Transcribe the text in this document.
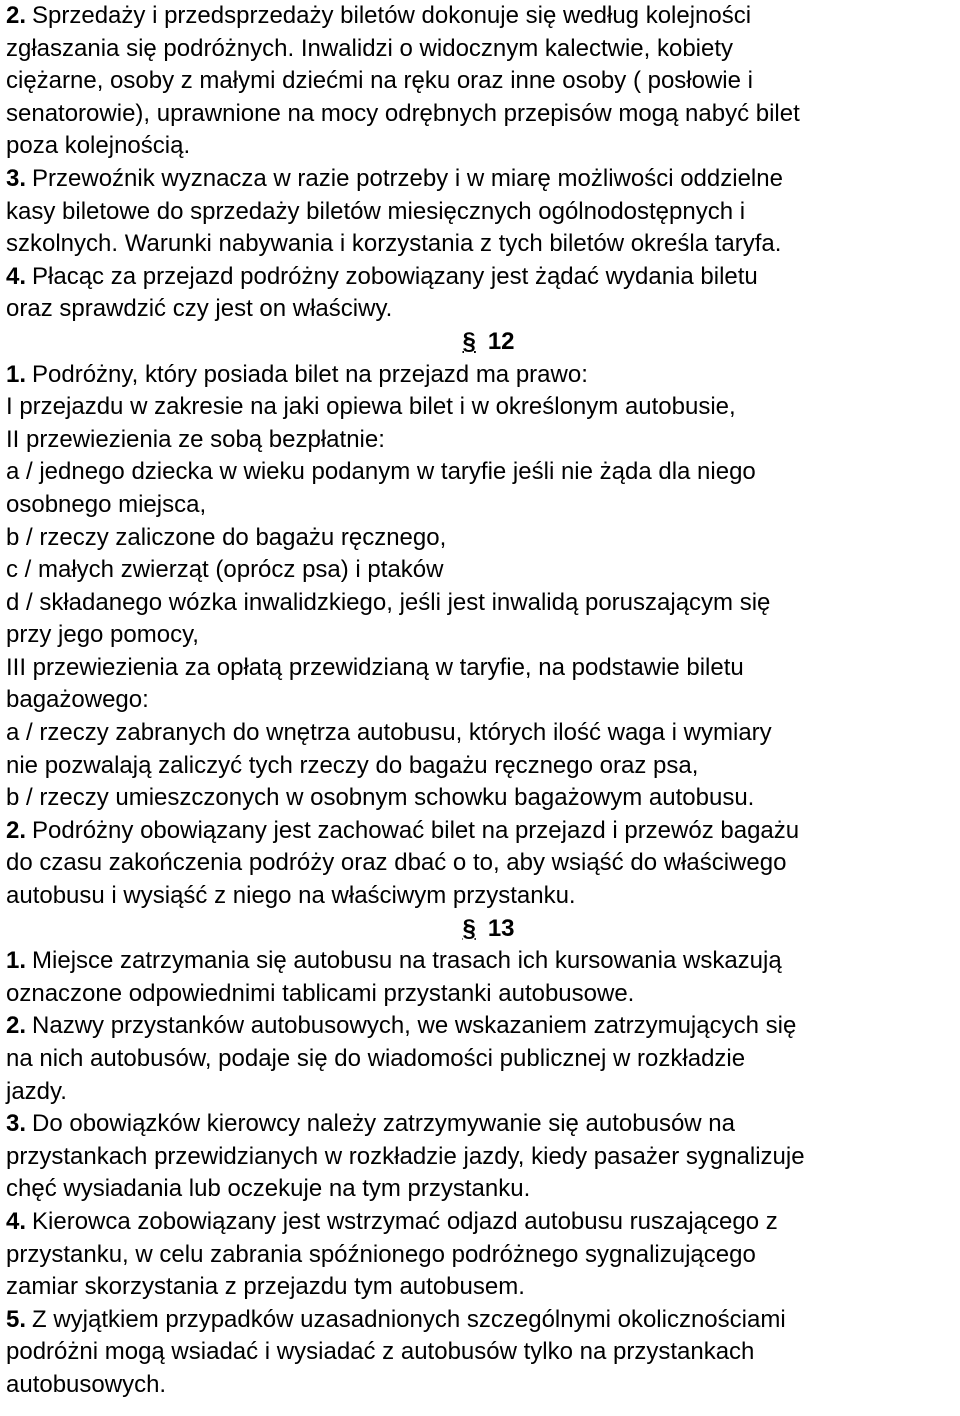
2. Sprzedaży i przedsprzedaży biletów dokonuje się według kolejności
zgłaszania się podróżnych. Inwalidzi o widocznym kalectwie, kobiety
ciężarne, osoby z małymi dziećmi na ręku oraz inne osoby ( posłowie i
senatorowie), uprawnione na mocy odrębnych przepisów mogą nabyć bilet
poza kolejnością.
3. Przewoźnik wyznacza w razie potrzeby i w miarę możliwości oddzielne
kasy biletowe do sprzedaży biletów miesięcznych ogólnodostępnych i
szkolnych. Warunki nabywania i korzystania z tych biletów określa taryfa.
4. Płacąc za przejazd podróżny zobowiązany jest żądać wydania biletu
oraz sprawdzić czy jest on właściwy.
§ 12
1. Podróżny, który posiada bilet na przejazd ma prawo:
I przejazdu w zakresie na jaki opiewa bilet i w określonym autobusie,
II przewiezienia ze sobą bezpłatnie:
a / jednego dziecka w wieku podanym w taryfie jeśli nie żąda dla niego
osobnego miejsca,
b / rzeczy zaliczone do bagażu ręcznego,
c / małych zwierząt (oprócz psa) i ptaków
d / składanego wózka inwalidzkiego, jeśli jest inwalidą poruszającym się
przy jego pomocy,
III przewiezienia za opłatą przewidzianą w taryfie, na podstawie biletu
bagażowego:
a / rzeczy zabranych do wnętrza autobusu, których ilość waga i wymiary
nie pozwalają zaliczyć tych rzeczy do bagażu ręcznego oraz psa,
b / rzeczy umieszczonych w osobnym schowku bagażowym autobusu.
2. Podróżny obowiązany jest zachować bilet na przejazd i przewóz bagażu
do czasu zakończenia podróży oraz dbać o to, aby wsiąść do właściwego
autobusu i wysiąść z niego na właściwym przystanku.
§ 13
1. Miejsce zatrzymania się autobusu na trasach ich kursowania wskazują
oznaczone odpowiednimi tablicami przystanki autobusowe.
2. Nazwy przystanków autobusowych, we wskazaniem zatrzymujących się
na nich autobusów, podaje się do wiadomości publicznej w rozkładzie
jazdy.
3. Do obowiązków kierowcy należy zatrzymywanie się autobusów na
przystankach przewidzianych w rozkładzie jazdy, kiedy pasażer sygnalizuje
chęć wysiadania lub oczekuje na tym przystanku.
4. Kierowca zobowiązany jest wstrzymać odjazd autobusu ruszającego z
przystanku, w celu zabrania spóźnionego podróżnego sygnalizującego
zamiar skorzystania z przejazdu tym autobusem.
5. Z wyjątkiem przypadków uzasadnionych szczególnymi okolicznościami
podróżni mogą wsiadać i wysiadać z autobusów tylko na przystankach
autobusowych.
